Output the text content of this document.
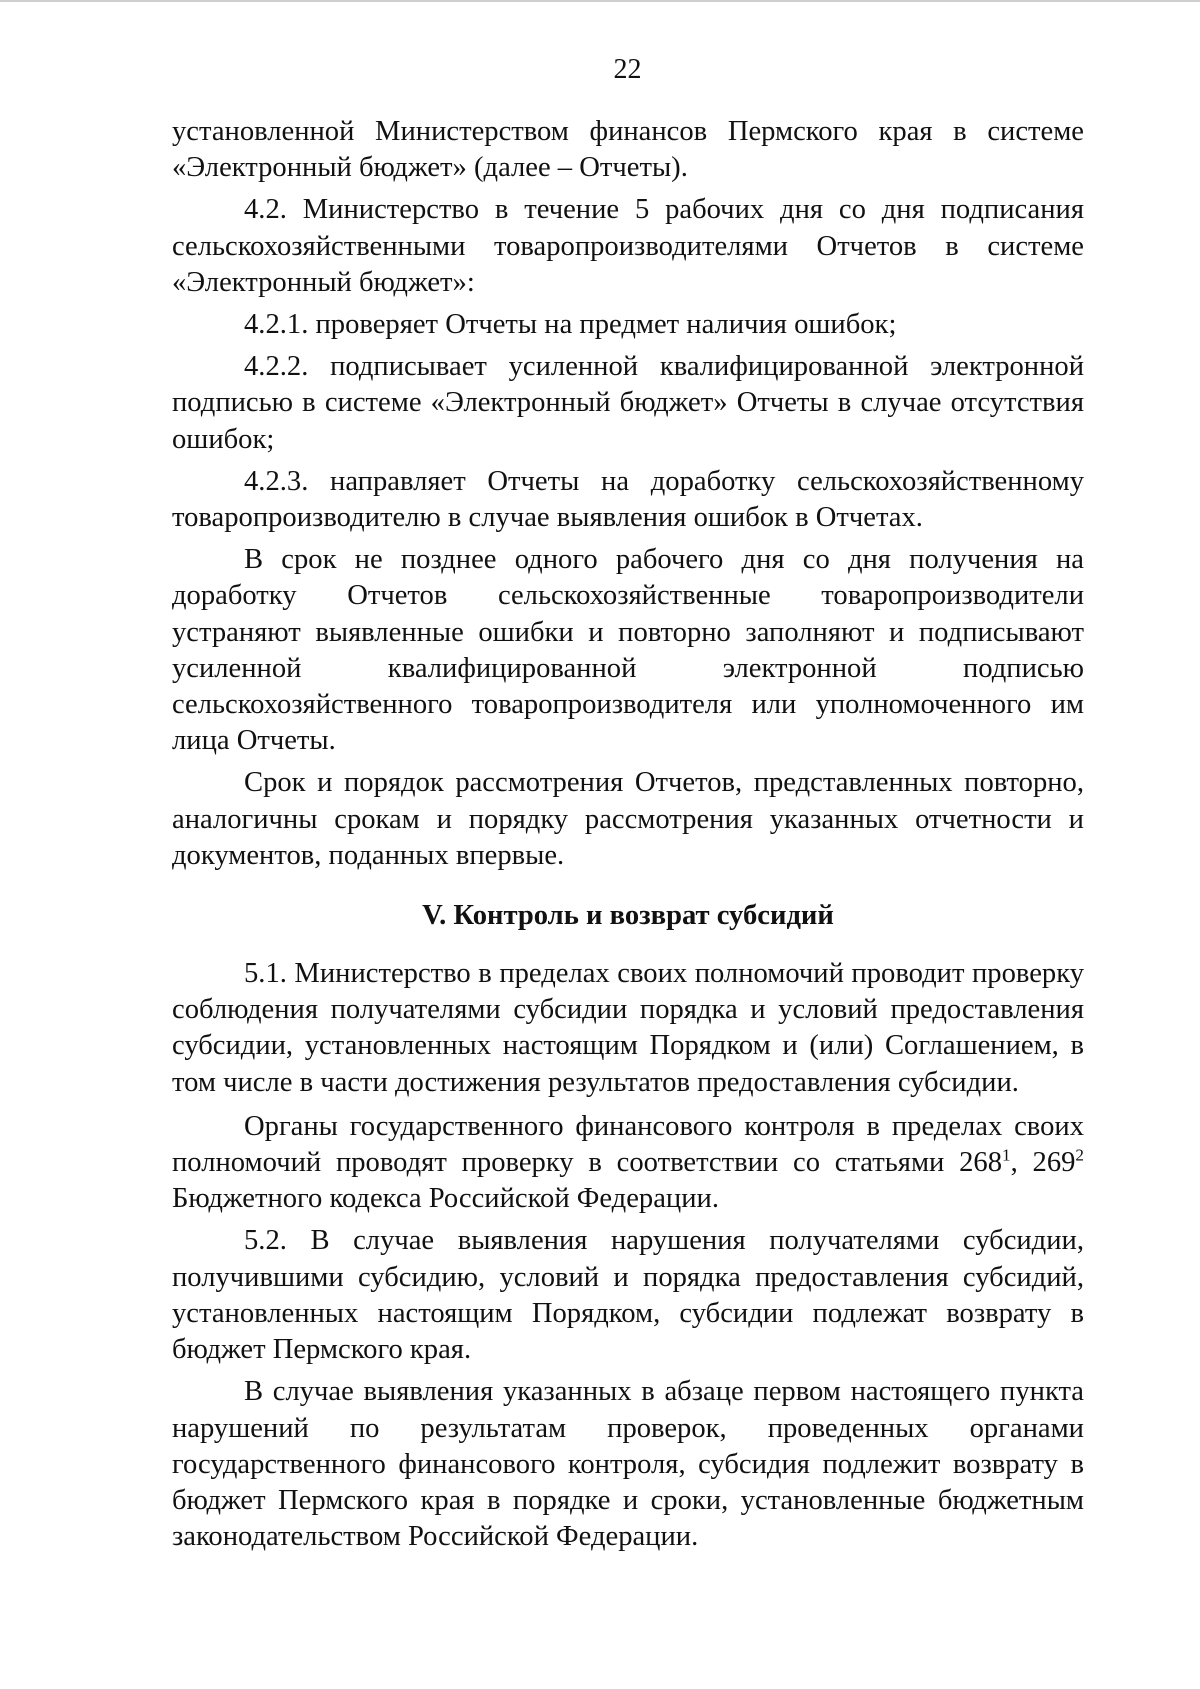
22

установленной Министерством финансов Пермского края в системе «Электронный бюджет» (далее – Отчеты).

4.2. Министерство в течение 5 рабочих дня со дня подписания сельскохозяйственными товаропроизводителями Отчетов в системе «Электронный бюджет»:

4.2.1. проверяет Отчеты на предмет наличия ошибок;

4.2.2. подписывает усиленной квалифицированной электронной подписью в системе «Электронный бюджет» Отчеты в случае отсутствия ошибок;

4.2.3. направляет Отчеты на доработку сельскохозяйственному товаропроизводителю в случае выявления ошибок в Отчетах.

В срок не позднее одного рабочего дня со дня получения на доработку Отчетов сельскохозяйственные товаропроизводители устраняют выявленные ошибки и повторно заполняют и подписывают усиленной квалифицированной электронной подписью сельскохозяйственного товаропроизводителя или уполномоченного им лица Отчеты.

Срок и порядок рассмотрения Отчетов, представленных повторно, аналогичны срокам и порядку рассмотрения указанных отчетности и документов, поданных впервые.

V. Контроль и возврат субсидий

5.1. Министерство в пределах своих полномочий проводит проверку соблюдения получателями субсидии порядка и условий предоставления субсидии, установленных настоящим Порядком и (или) Соглашением, в том числе в части достижения результатов предоставления субсидии.

Органы государственного финансового контроля в пределах своих полномочий проводят проверку в соответствии со статьями $268^1$, $269^2$ Бюджетного кодекса Российской Федерации.

5.2. В случае выявления нарушения получателями субсидии, получившими субсидию, условий и порядка предоставления субсидий, установленных настоящим Порядком, субсидии подлежат возврату в бюджет Пермского края.

В случае выявления указанных в абзаце первом настоящего пункта нарушений по результатам проверок, проведенных органами государственного финансового контроля, субсидия подлежит возврату в бюджет Пермского края в порядке и сроки, установленные бюджетным законодательством Российской Федерации.
